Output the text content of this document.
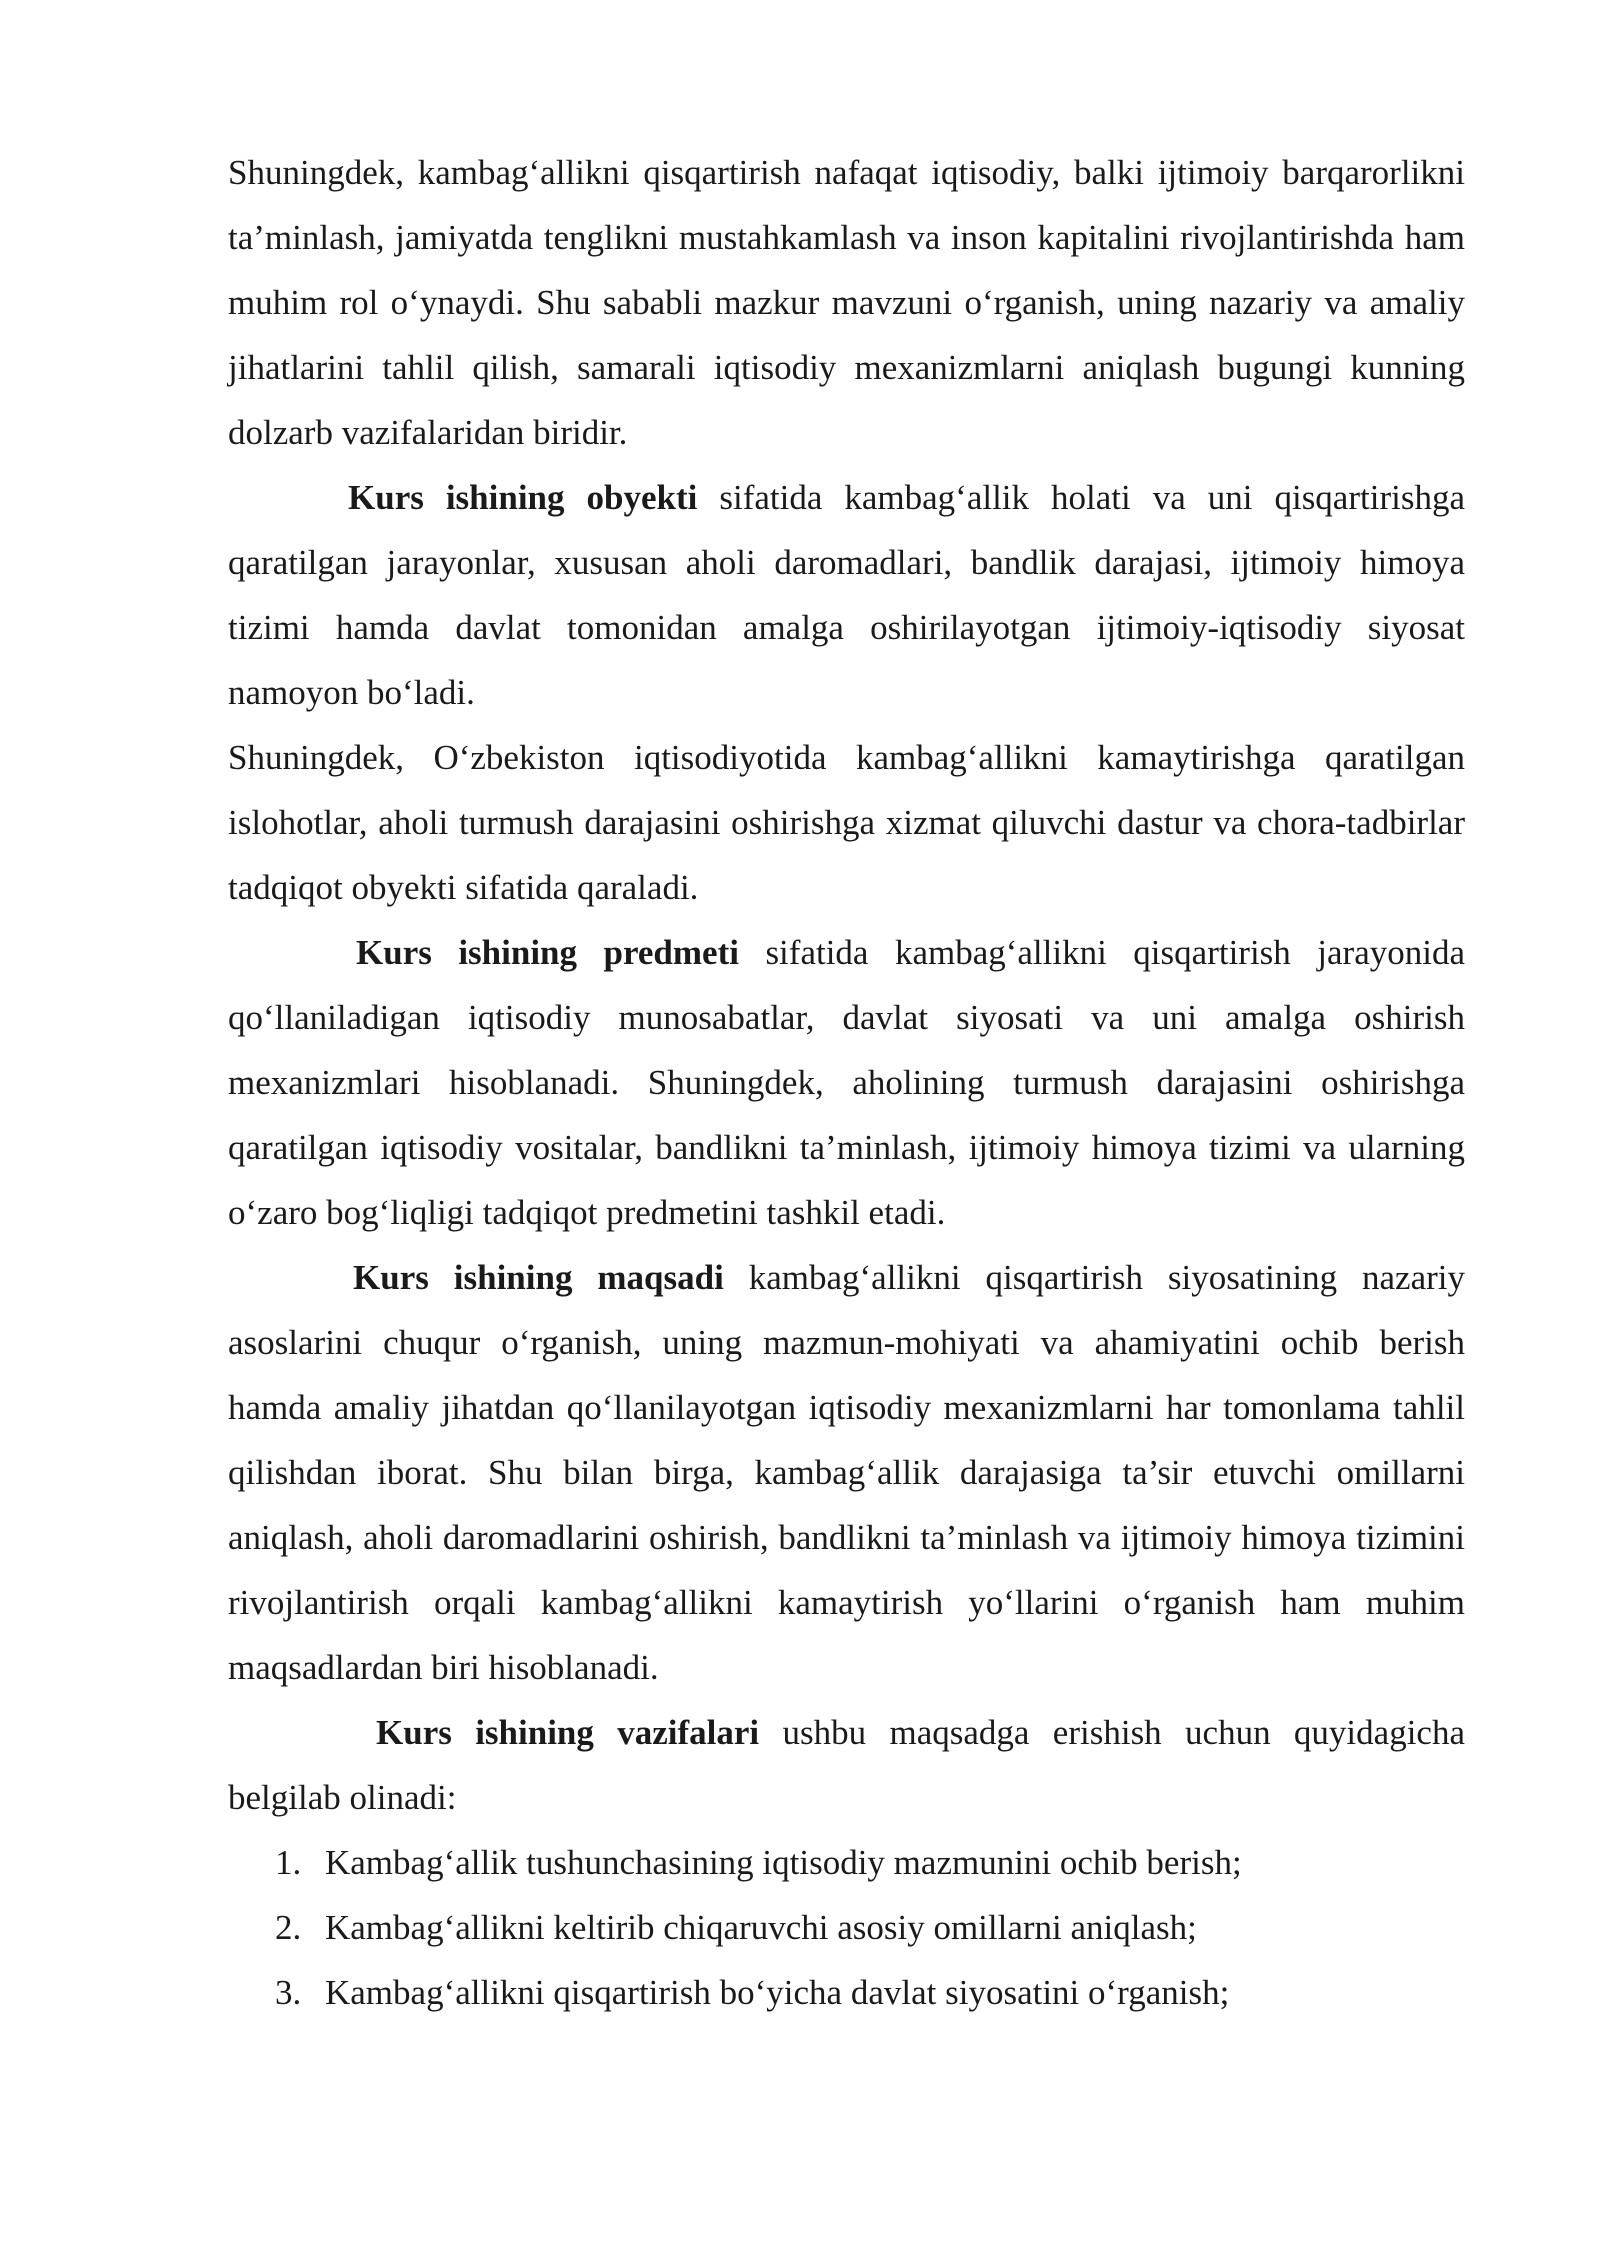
Shuningdek, kambag‘allikni qisqartirish nafaqat iqtisodiy, balki ijtimoiy barqarorlikni ta’minlash, jamiyatda tenglikni mustahkamlash va inson kapitalini rivojlantirishda ham muhim rol o‘ynaydi. Shu sababli mazkur mavzuni o‘rganish, uning nazariy va amaliy jihatlarini tahlil qilish, samarali iqtisodiy mexanizmlarni aniqlash bugungi kunning dolzarb vazifalaridan biridir.

Kurs ishining obyekti sifatida kambag‘allik holati va uni qisqartirishga qaratilgan jarayonlar, xususan aholi daromadlari, bandlik darajasi, ijtimoiy himoya tizimi hamda davlat tomonidan amalga oshirilayotgan ijtimoiy-iqtisodiy siyosat namoyon bo‘ladi.

Shuningdek, O‘zbekiston iqtisodiyotida kambag‘allikni kamaytirishga qaratilgan islohotlar, aholi turmush darajasini oshirishga xizmat qiluvchi dastur va chora-tadbirlar tadqiqot obyekti sifatida qaraladi.

Kurs ishining predmeti sifatida kambag‘allikni qisqartirish jarayonida qo‘llaniladigan iqtisodiy munosabatlar, davlat siyosati va uni amalga oshirish mexanizmlari hisoblanadi. Shuningdek, aholining turmush darajasini oshirishga qaratilgan iqtisodiy vositalar, bandlikni ta’minlash, ijtimoiy himoya tizimi va ularning o‘zaro bog‘liqligi tadqiqot predmetini tashkil etadi.

Kurs ishining maqsadi kambag‘allikni qisqartirish siyosatining nazariy asoslarini chuqur o‘rganish, uning mazmun-mohiyati va ahamiyatini ochib berish hamda amaliy jihatdan qo‘llanilayotgan iqtisodiy mexanizmlarni har tomonlama tahlil qilishdan iborat. Shu bilan birga, kambag‘allik darajasiga ta’sir etuvchi omillarni aniqlash, aholi daromadlarini oshirish, bandlikni ta’minlash va ijtimoiy himoya tizimini rivojlantirish orqali kambag‘allikni kamaytirish yo‘llarini o‘rganish ham muhim maqsadlardan biri hisoblanadi.

Kurs ishining vazifalari ushbu maqsadga erishish uchun quyidagicha belgilab olinadi:

1. Kambag‘allik tushunchasining iqtisodiy mazmunini ochib berish;
2. Kambag‘allikni keltirib chiqaruvchi asosiy omillarni aniqlash;
3. Kambag‘allikni qisqartirish bo‘yicha davlat siyosatini o‘rganish;
